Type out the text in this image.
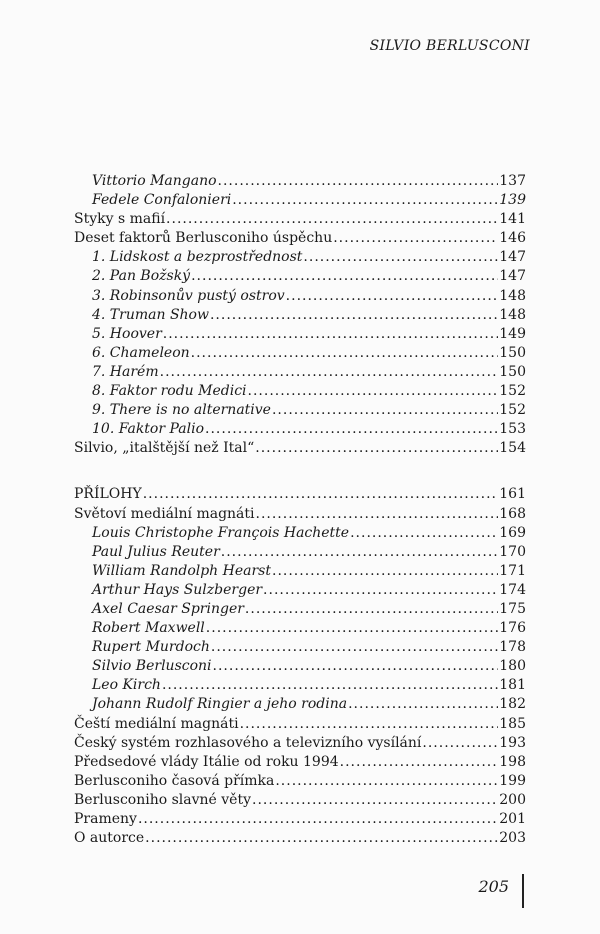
SILVIO BERLUSCONI
Vittorio Mangano .....	137
Fedele Confalonieri .....	139
Styky s mafií .....	141
Deset faktorů Berlusconiho úspěchu .....	146
1. Lidskost a bezprostřednost .....	147
2. Pan Božský .....	147
3. Robinsonův pustý ostrov .....	148
4. Truman Show .....	148
5. Hoover .....	149
6. Chameleon .....	150
7. Harém .....	150
8. Faktor rodu Medici .....	152
9. There is no alternative .....	152
10. Faktor Palio .....	153
Silvio, „italštější než Ital“ .....	154
PŘÍLOHY .....	161
Světoví mediální magnáti .....	168
Louis Christophe François Hachette .....	169
Paul Julius Reuter .....	170
William Randolph Hearst .....	171
Arthur Hays Sulzberger .....	174
Axel Caesar Springer .....	175
Robert Maxwell .....	176
Rupert Murdoch .....	178
Silvio Berlusconi .....	180
Leo Kirch .....	181
Johann Rudolf Ringier a jeho rodina .....	182
Čeští mediální magnáti .....	185
Český systém rozhlasového a televizního vysílání .....	193
Předsedové vlády Itálie od roku 1994 .....	198
Berlusconiho časová přímka .....	199
Berlusconiho slavné věty .....	200
Prameny .....	201
O autorce .....	203
205
